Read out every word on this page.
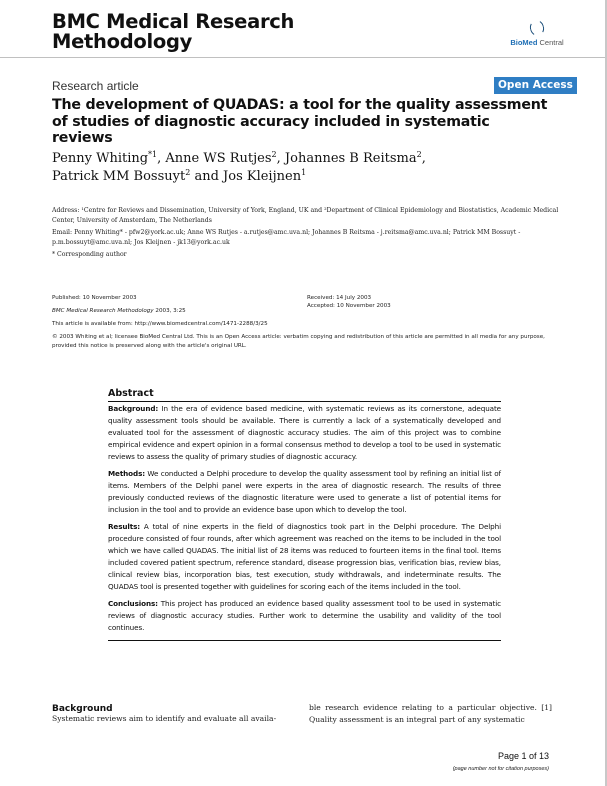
BMC Medical Research
Methodology	BioMed Central
Research article	Open Access
The development of QUADAS: a tool for the quality assessment of studies of diagnostic accuracy included in systematic reviews
Penny Whiting$^{*1}$, Anne WS Rutjes$^2$, Johannes B Reitsma$^2$,
Patrick MM Bossuyt$^2$ and Jos Kleijnen$^1$
Address: ¹Centre for Reviews and Dissemination, University of York, England, UK and ²Department of Clinical Epidemiology and Biostatistics, Academic Medical Center, University of Amsterdam, The Netherlands
Email: Penny Whiting* - pfw2@york.ac.uk; Anne WS Rutjes - a.rutjes@amc.uva.nl; Johannes B Reitsma - j.reitsma@amc.uva.nl; Patrick MM Bossuyt - p.m.bossuyt@amc.uva.nl; Jos Kleijnen - jk13@york.ac.uk
* Corresponding author
Published: 10 November 2003
BMC Medical Research Methodology 2003, 3:25
Received: 14 July 2003
Accepted: 10 November 2003
This article is available from: http://www.biomedcentral.com/1471-2288/3/25
© 2003 Whiting et al; licensee BioMed Central Ltd. This is an Open Access article: verbatim copying and redistribution of this article are permitted in all media for any purpose, provided this notice is preserved along with the article's original URL.
Abstract
Background: In the era of evidence based medicine, with systematic reviews as its cornerstone, adequate quality assessment tools should be available. There is currently a lack of a systematically developed and evaluated tool for the assessment of diagnostic accuracy studies. The aim of this project was to combine empirical evidence and expert opinion in a formal consensus method to develop a tool to be used in systematic reviews to assess the quality of primary studies of diagnostic accuracy.
Methods: We conducted a Delphi procedure to develop the quality assessment tool by refining an initial list of items. Members of the Delphi panel were experts in the area of diagnostic research. The results of three previously conducted reviews of the diagnostic literature were used to generate a list of potential items for inclusion in the tool and to provide an evidence base upon which to develop the tool.
Results: A total of nine experts in the field of diagnostics took part in the Delphi procedure. The Delphi procedure consisted of four rounds, after which agreement was reached on the items to be included in the tool which we have called QUADAS. The initial list of 28 items was reduced to fourteen items in the final tool. Items included covered patient spectrum, reference standard, disease progression bias, verification bias, review bias, clinical review bias, incorporation bias, test execution, study withdrawals, and indeterminate results. The QUADAS tool is presented together with guidelines for scoring each of the items included in the tool.
Conclusions: This project has produced an evidence based quality assessment tool to be used in systematic reviews of diagnostic accuracy studies. Further work to determine the usability and validity of the tool continues.
Background
Systematic reviews aim to identify and evaluate all availa-
ble research evidence relating to a particular objective. [1] Quality assessment is an integral part of any systematic
Page 1 of 13
(page number not for citation purposes)
